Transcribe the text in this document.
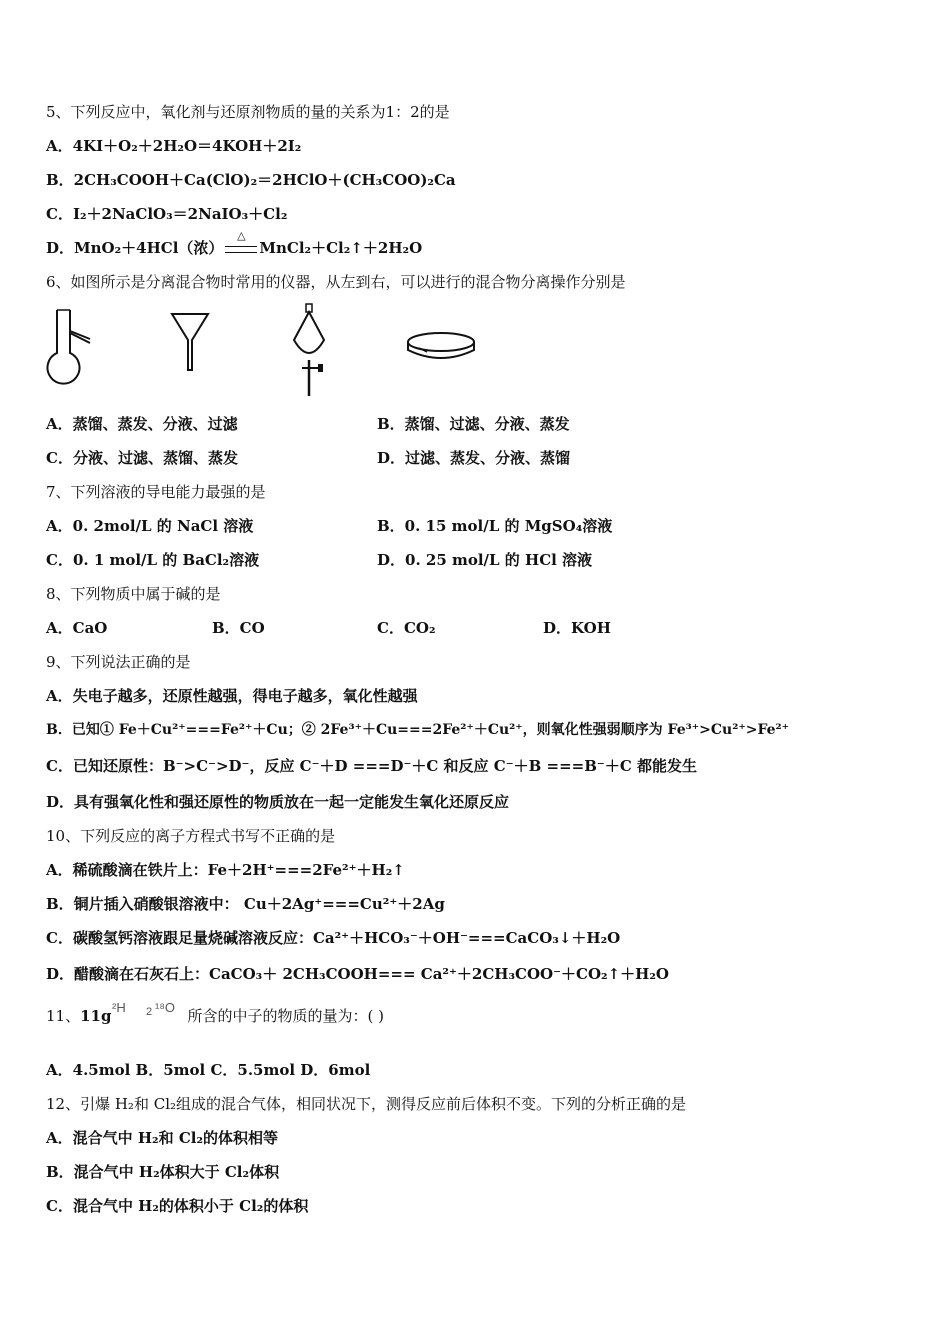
5、下列反应中，氧化剂与还原剂物质的量的关系为1：2的是
A．4KI＋O₂＋2H₂O＝4KOH＋2I₂
B．2CH₃COOH＋Ca(ClO)₂＝2HClO＋(CH₃COO)₂Ca
C．I₂＋2NaClO₃＝2NaIO₃＋Cl₂
D．MnO₂＋4HCl（浓）
△
MnCl₂＋Cl₂↑＋2H₂O
6、如图所示是分离混合物时常用的仪器，从左到右，可以进行的混合物分离操作分别是
A．蒸馏、蒸发、分液、过滤	B．蒸馏、过滤、分液、蒸发
C．分液、过滤、蒸馏、蒸发	D．过滤、蒸发、分液、蒸馏
7、下列溶液的导电能力最强的是
A．0. 2mol/L 的 NaCl 溶液	B．0. 15 mol/L 的 MgSO₄溶液
C．0. 1 mol/L 的 BaCl₂溶液	D．0. 25 mol/L 的 HCl 溶液
8、下列物质中属于碱的是
A．CaO	B．CO	C．CO₂	D．KOH
9、下列说法正确的是
A．失电子越多，还原性越强，得电子越多，氧化性越强
B．已知① Fe＋Cu²⁺===Fe²⁺＋Cu；② 2Fe³⁺＋Cu===2Fe²⁺＋Cu²⁺，则氧化性强弱顺序为 Fe³⁺>Cu²⁺>Fe²⁺
C．已知还原性：B⁻>C⁻>D⁻，反应 C⁻＋D ===D⁻＋C 和反应 C⁻＋B ===B⁻＋C 都能发生
D．具有强氧化性和强还原性的物质放在一起一定能发生氧化还原反应
10、下列反应的离子方程式书写不正确的是
A．稀硫酸滴在铁片上：Fe＋2H⁺===2Fe²⁺＋H₂↑
B．铜片插入硝酸银溶液中： Cu＋2Ag⁺===Cu²⁺＋2Ag
C．碳酸氢钙溶液跟足量烧碱溶液反应：Ca²⁺＋HCO₃⁻＋OH⁻===CaCO₃↓＋H₂O
D．醋酸滴在石灰石上：CaCO₃＋ 2CH₃COOH=== Ca²⁺＋2CH₃COO⁻＋CO₂↑＋H₂O
11、11g	所含的中子的物质的量为：( )
²H 2 ¹⁸O
A．4.5mol B．5mol C．5.5mol D．6mol
12、引爆 H₂和 Cl₂组成的混合气体，相同状况下，测得反应前后体积不变。下列的分析正确的是
A．混合气中 H₂和 Cl₂的体积相等
B．混合气中 H₂体积大于 Cl₂体积
C．混合气中 H₂的体积小于 Cl₂的体积
